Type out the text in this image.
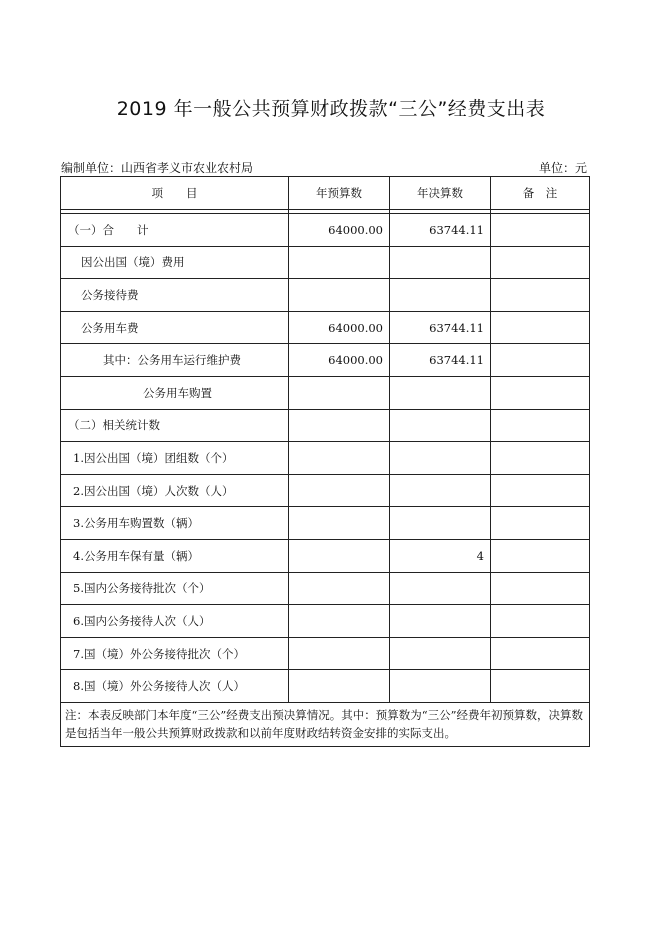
2019 年一般公共预算财政拨款“三公”经费支出表
编制单位：山西省孝义市农业农村局	单位：元
项　　目	年预算数	年决算数	备　注

（一）合　　计	64000.00	63744.11	
因公出国（境）费用			
公务接待费			
公务用车费	64000.00	63744.11	
其中：公务用车运行维护费	64000.00	63744.11	
公务用车购置			
（二）相关统计数			
1.因公出国（境）团组数（个）			
2.因公出国（境）人次数（人）			
3.公务用车购置数（辆）			
4.公务用车保有量（辆）		4	
5.国内公务接待批次（个）			
6.国内公务接待人次（人）			
7.国（境）外公务接待批次（个）			
8.国（境）外公务接待人次（人）			
注：本表反映部门本年度“三公”经费支出预决算情况。其中：预算数为“三公”经费年初预算数，决算数是包括当年一般公共预算财政拨款和以前年度财政结转资金安排的实际支出。			
